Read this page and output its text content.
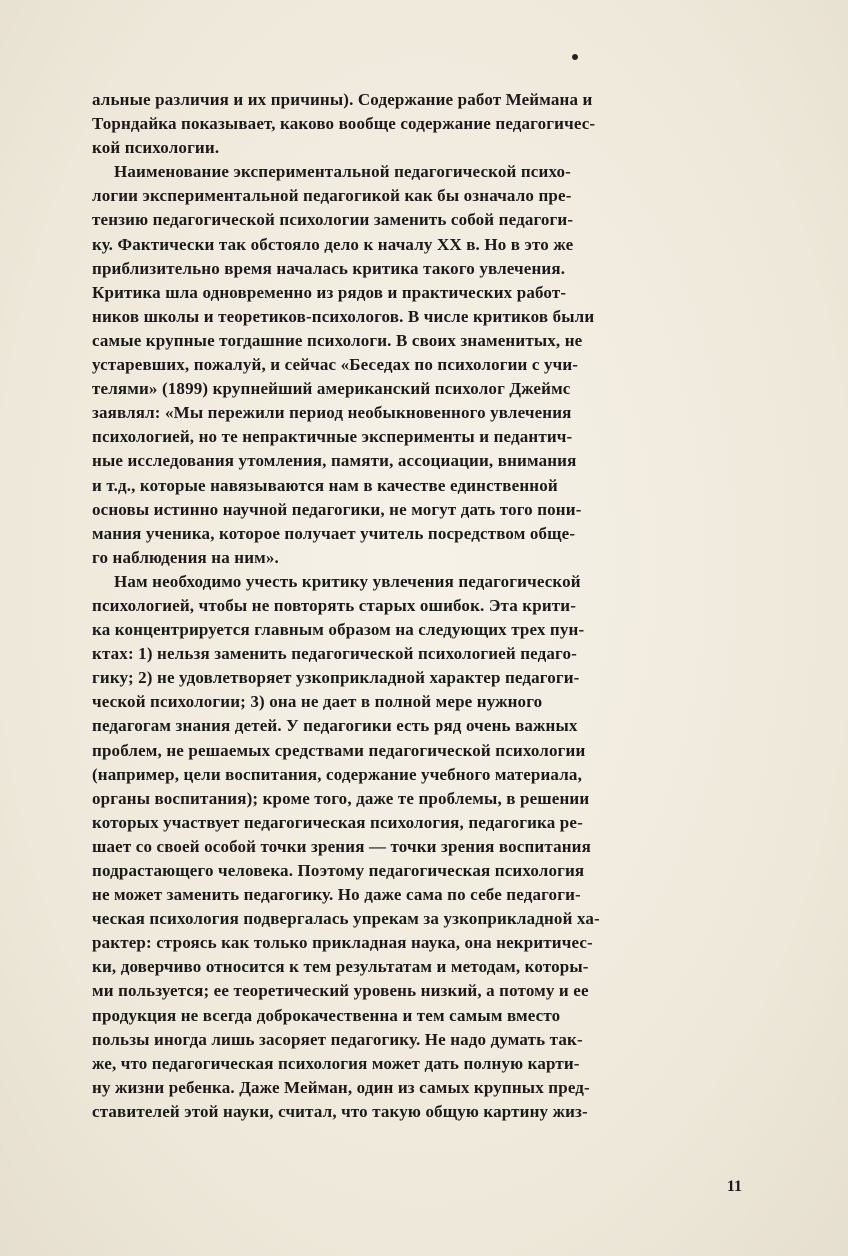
альные различия и их причины). Содержание работ Меймана и
Торндайка показывает, каково вообще содержание педагогичес-
кой психологии.
Наименование экспериментальной педагогической психо-
логии экспериментальной педагогикой как бы означало пре-
тензию педагогической психологии заменить собой педагоги-
ку. Фактически так обстояло дело к началу XX в. Но в это же
приблизительно время началась критика такого увлечения.
Критика шла одновременно из рядов и практических работ-
ников школы и теоретиков-психологов. В числе критиков были
самые крупные тогдашние психологи. В своих знаменитых, не
устаревших, пожалуй, и сейчас «Беседах по психологии с учи-
телями» (1899) крупнейший американский психолог Джеймс
заявлял: «Мы пережили период необыкновенного увлечения
психологией, но те непрактичные эксперименты и педантич-
ные исследования утомления, памяти, ассоциации, внимания
и т.д., которые навязываются нам в качестве единственной
основы истинно научной педагогики, не могут дать того пони-
мания ученика, которое получает учитель посредством обще-
го наблюдения на ним».
Нам необходимо учесть критику увлечения педагогической
психологией, чтобы не повторять старых ошибок. Эта крити-
ка концентрируется главным образом на следующих трех пун-
ктах: 1) нельзя заменить педагогической психологией педаго-
гику; 2) не удовлетворяет узкоприкладной характер педагоги-
ческой психологии; 3) она не дает в полной мере нужного
педагогам знания детей. У педагогики есть ряд очень важных
проблем, не решаемых средствами педагогической психологии
(например, цели воспитания, содержание учебного материала,
органы воспитания); кроме того, даже те проблемы, в решении
которых участвует педагогическая психология, педагогика ре-
шает со своей особой точки зрения — точки зрения воспитания
подрастающего человека. Поэтому педагогическая психология
не может заменить педагогику. Но даже сама по себе педагоги-
ческая психология подвергалась упрекам за узкоприкладной ха-
рактер: строясь как только прикладная наука, она некритичес-
ки, доверчиво относится к тем результатам и методам, которы-
ми пользуется; ее теоретический уровень низкий, а потому и ее
продукция не всегда доброкачественна и тем самым вместо
пользы иногда лишь засоряет педагогику. Не надо думать так-
же, что педагогическая психология может дать полную карти-
ну жизни ребенка. Даже Мейман, один из самых крупных пред-
ставителей этой науки, считал, что такую общую картину жиз-
11
